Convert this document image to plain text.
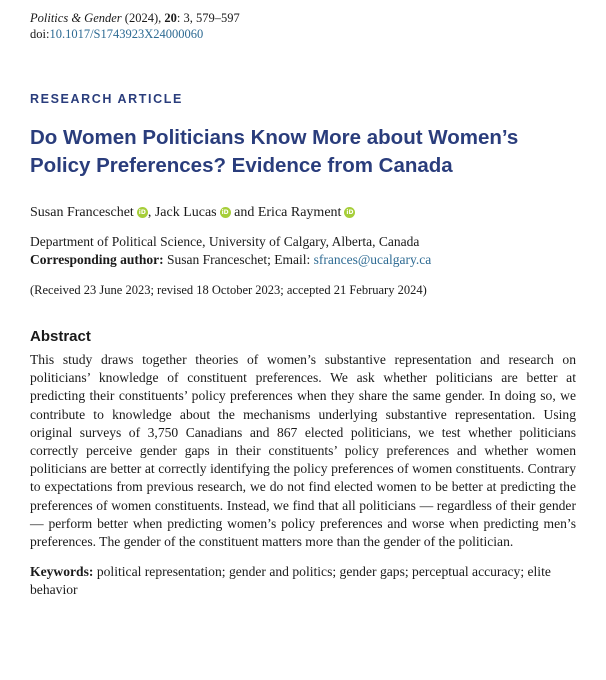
Politics & Gender (2024), 20: 3, 579–597
doi:10.1017/S1743923X24000060
RESEARCH ARTICLE
Do Women Politicians Know More about Women’s Policy Preferences? Evidence from Canada
Susan Franceschet iD , Jack Lucas iD and Erica Rayment iD
Department of Political Science, University of Calgary, Alberta, Canada
Corresponding author: Susan Franceschet; Email: sfrances@ucalgary.ca
(Received 23 June 2023; revised 18 October 2023; accepted 21 February 2024)
Abstract
This study draws together theories of women’s substantive representation and research on politicians’ knowledge of constituent preferences. We ask whether politicians are better at predicting their constituents’ policy preferences when they share the same gender. In doing so, we contribute to knowledge about the mechanisms underlying substantive representation. Using original surveys of 3,750 Canadians and 867 elected politicians, we test whether politicians correctly perceive gender gaps in their constituents’ policy preferences and whether women politicians are better at correctly identifying the policy preferences of women constituents. Contrary to expectations from previous research, we do not find elected women to be better at predicting the preferences of women constituents. Instead, we find that all politicians — regardless of their gender — perform better when predicting women’s policy preferences and worse when predicting men’s preferences. The gender of the constituent matters more than the gender of the politician.
Keywords: political representation; gender and politics; gender gaps; perceptual accuracy; elite behavior
